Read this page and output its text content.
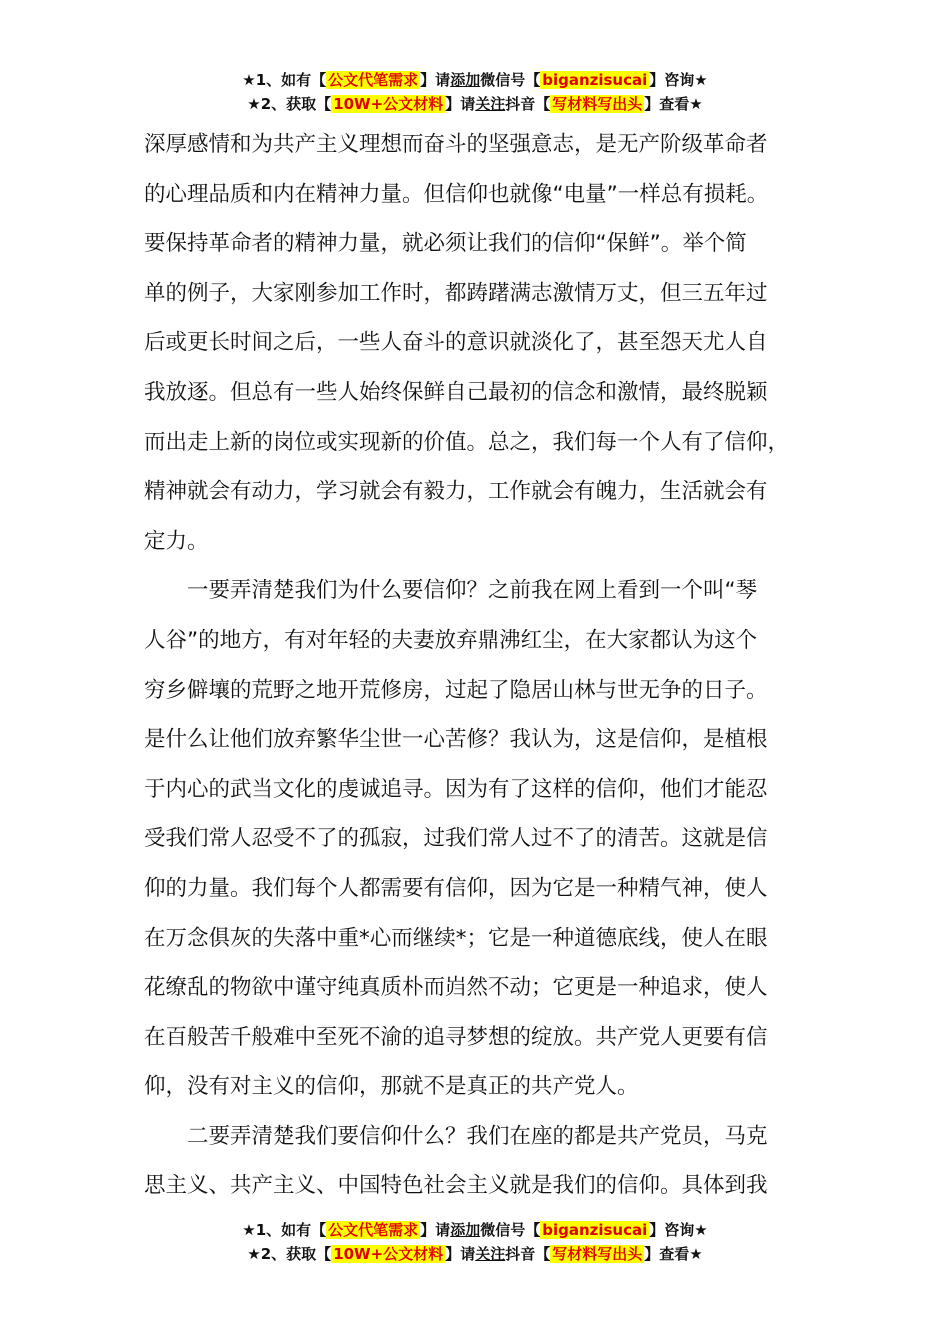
★1、如有【 公文代笔需求 】请添加微信号【 biganzisucai 】咨询★
★2、获取【 10W+公文材料 】请关注抖音【 写材料写出头 】查看★

深厚感情和为共产主义理想而奋斗的坚强意志，是无产阶级革命者

的心理品质和内在精神力量。但信仰也就像“电量”一样总有损耗。

要保持革命者的精神力量，就必须让我们的信仰“保鲜”。举个简

单的例子，大家刚参加工作时，都踌躇满志激情万丈，但三五年过

后或更长时间之后，一些人奋斗的意识就淡化了，甚至怨天尤人自

我放逐。但总有一些人始终保鲜自己最初的信念和激情，最终脱颖

而出走上新的岗位或实现新的价值。总之，我们每一个人有了信仰，

精神就会有动力，学习就会有毅力，工作就会有魄力，生活就会有

定力。

一要弄清楚我们为什么要信仰？之前我在网上看到一个叫“琴

人谷”的地方，有对年轻的夫妻放弃鼎沸红尘，在大家都认为这个

穷乡僻壤的荒野之地开荒修房，过起了隐居山林与世无争的日子。

是什么让他们放弃繁华尘世一心苦修？我认为，这是信仰，是植根

于内心的武当文化的虔诚追寻。因为有了这样的信仰，他们才能忍

受我们常人忍受不了的孤寂，过我们常人过不了的清苦。这就是信

仰的力量。我们每个人都需要有信仰，因为它是一种精气神，使人

在万念俱灰的失落中重*心而继续*；它是一种道德底线，使人在眼

花缭乱的物欲中谨守纯真质朴而岿然不动；它更是一种追求，使人

在百般苦千般难中至死不渝的追寻梦想的绽放。共产党人更要有信

仰，没有对主义的信仰，那就不是真正的共产党人。

二要弄清楚我们要信仰什么？我们在座的都是共产党员，马克

思主义、共产主义、中国特色社会主义就是我们的信仰。具体到我

★1、如有【 公文代笔需求 】请添加微信号【 biganzisucai 】咨询★
★2、获取【 10W+公文材料 】请关注抖音【 写材料写出头 】查看★
